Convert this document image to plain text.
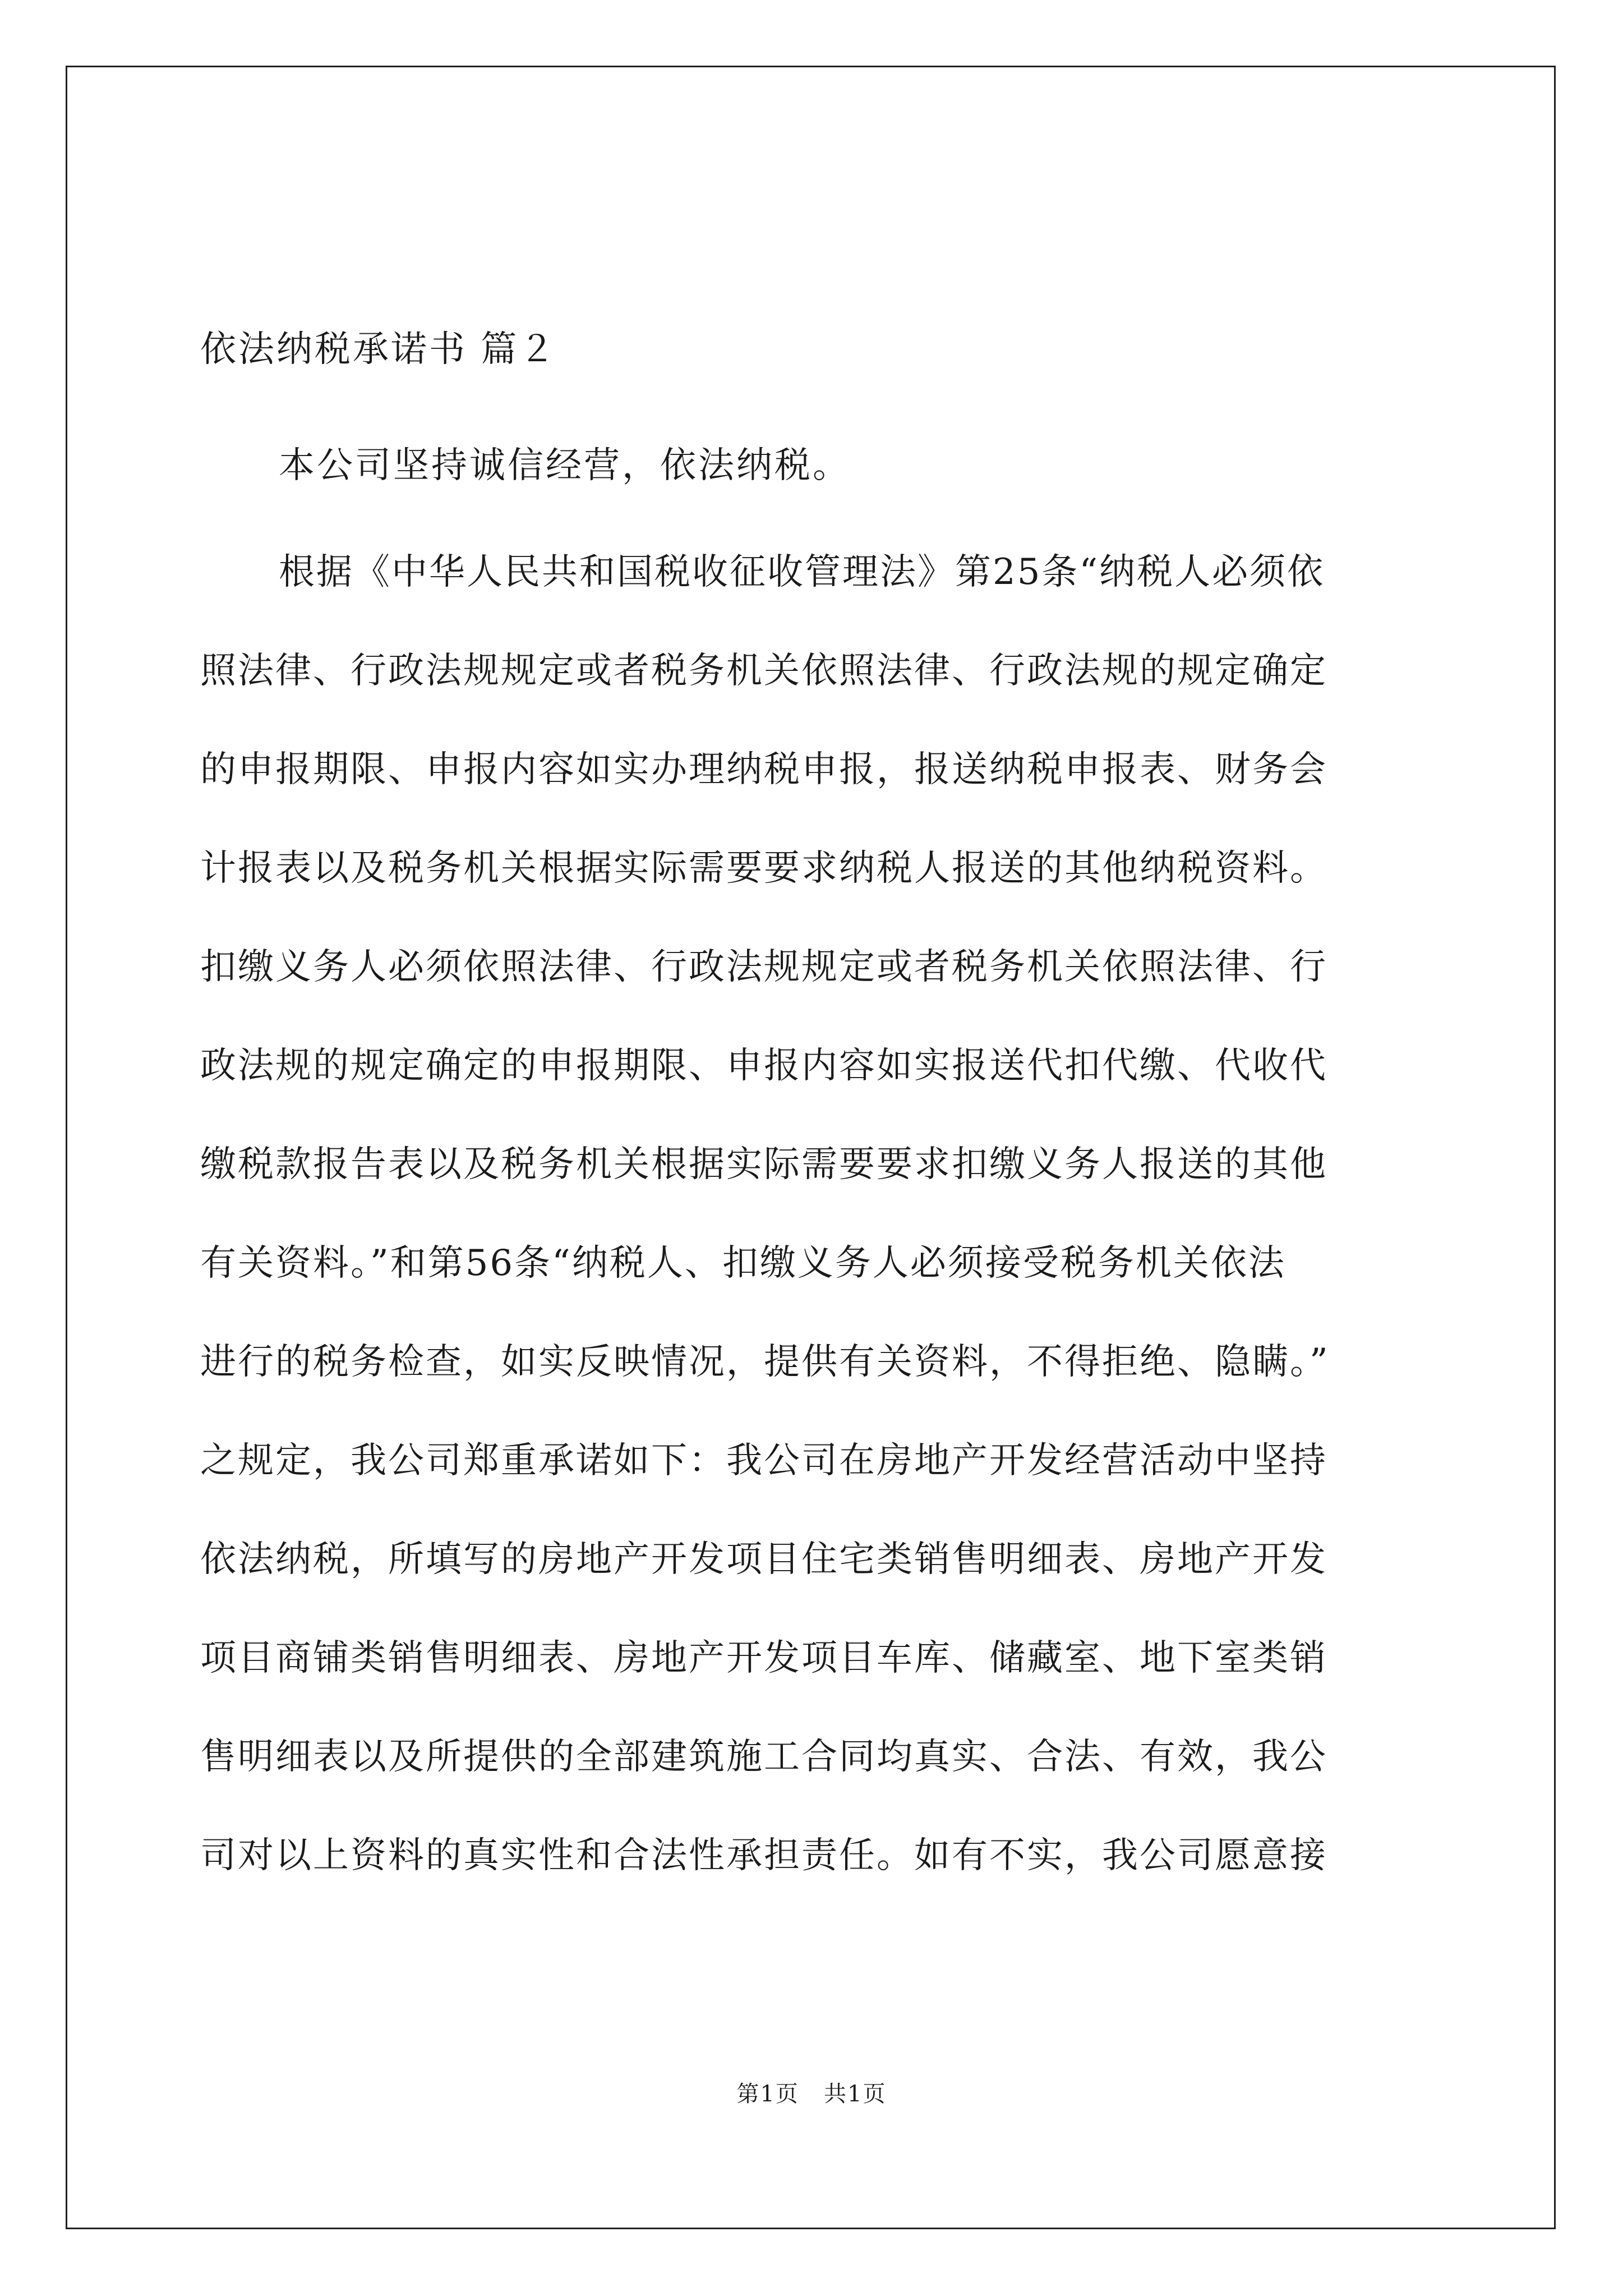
依法纳税承诺书 篇２
本公司坚持诚信经营，依法纳税。
根据《中华人民共和国税收征收管理法》第25条“纳税人必须依
照法律、行政法规规定或者税务机关依照法律、行政法规的规定确定
的申报期限、申报内容如实办理纳税申报，报送纳税申报表、财务会
计报表以及税务机关根据实际需要要求纳税人报送的其他纳税资料。
扣缴义务人必须依照法律、行政法规规定或者税务机关依照法律、行
政法规的规定确定的申报期限、申报内容如实报送代扣代缴、代收代
缴税款报告表以及税务机关根据实际需要要求扣缴义务人报送的其他
有关资料。”和第56条“纳税人、扣缴义务人必须接受税务机关依法
进行的税务检查，如实反映情况，提供有关资料，不得拒绝、隐瞒。”
之规定，我公司郑重承诺如下：我公司在房地产开发经营活动中坚持
依法纳税，所填写的房地产开发项目住宅类销售明细表、房地产开发
项目商铺类销售明细表、房地产开发项目车库、储藏室、地下室类销
售明细表以及所提供的全部建筑施工合同均真实、合法、有效，我公
司对以上资料的真实性和合法性承担责任。如有不实，我公司愿意接
第1页   共1页
